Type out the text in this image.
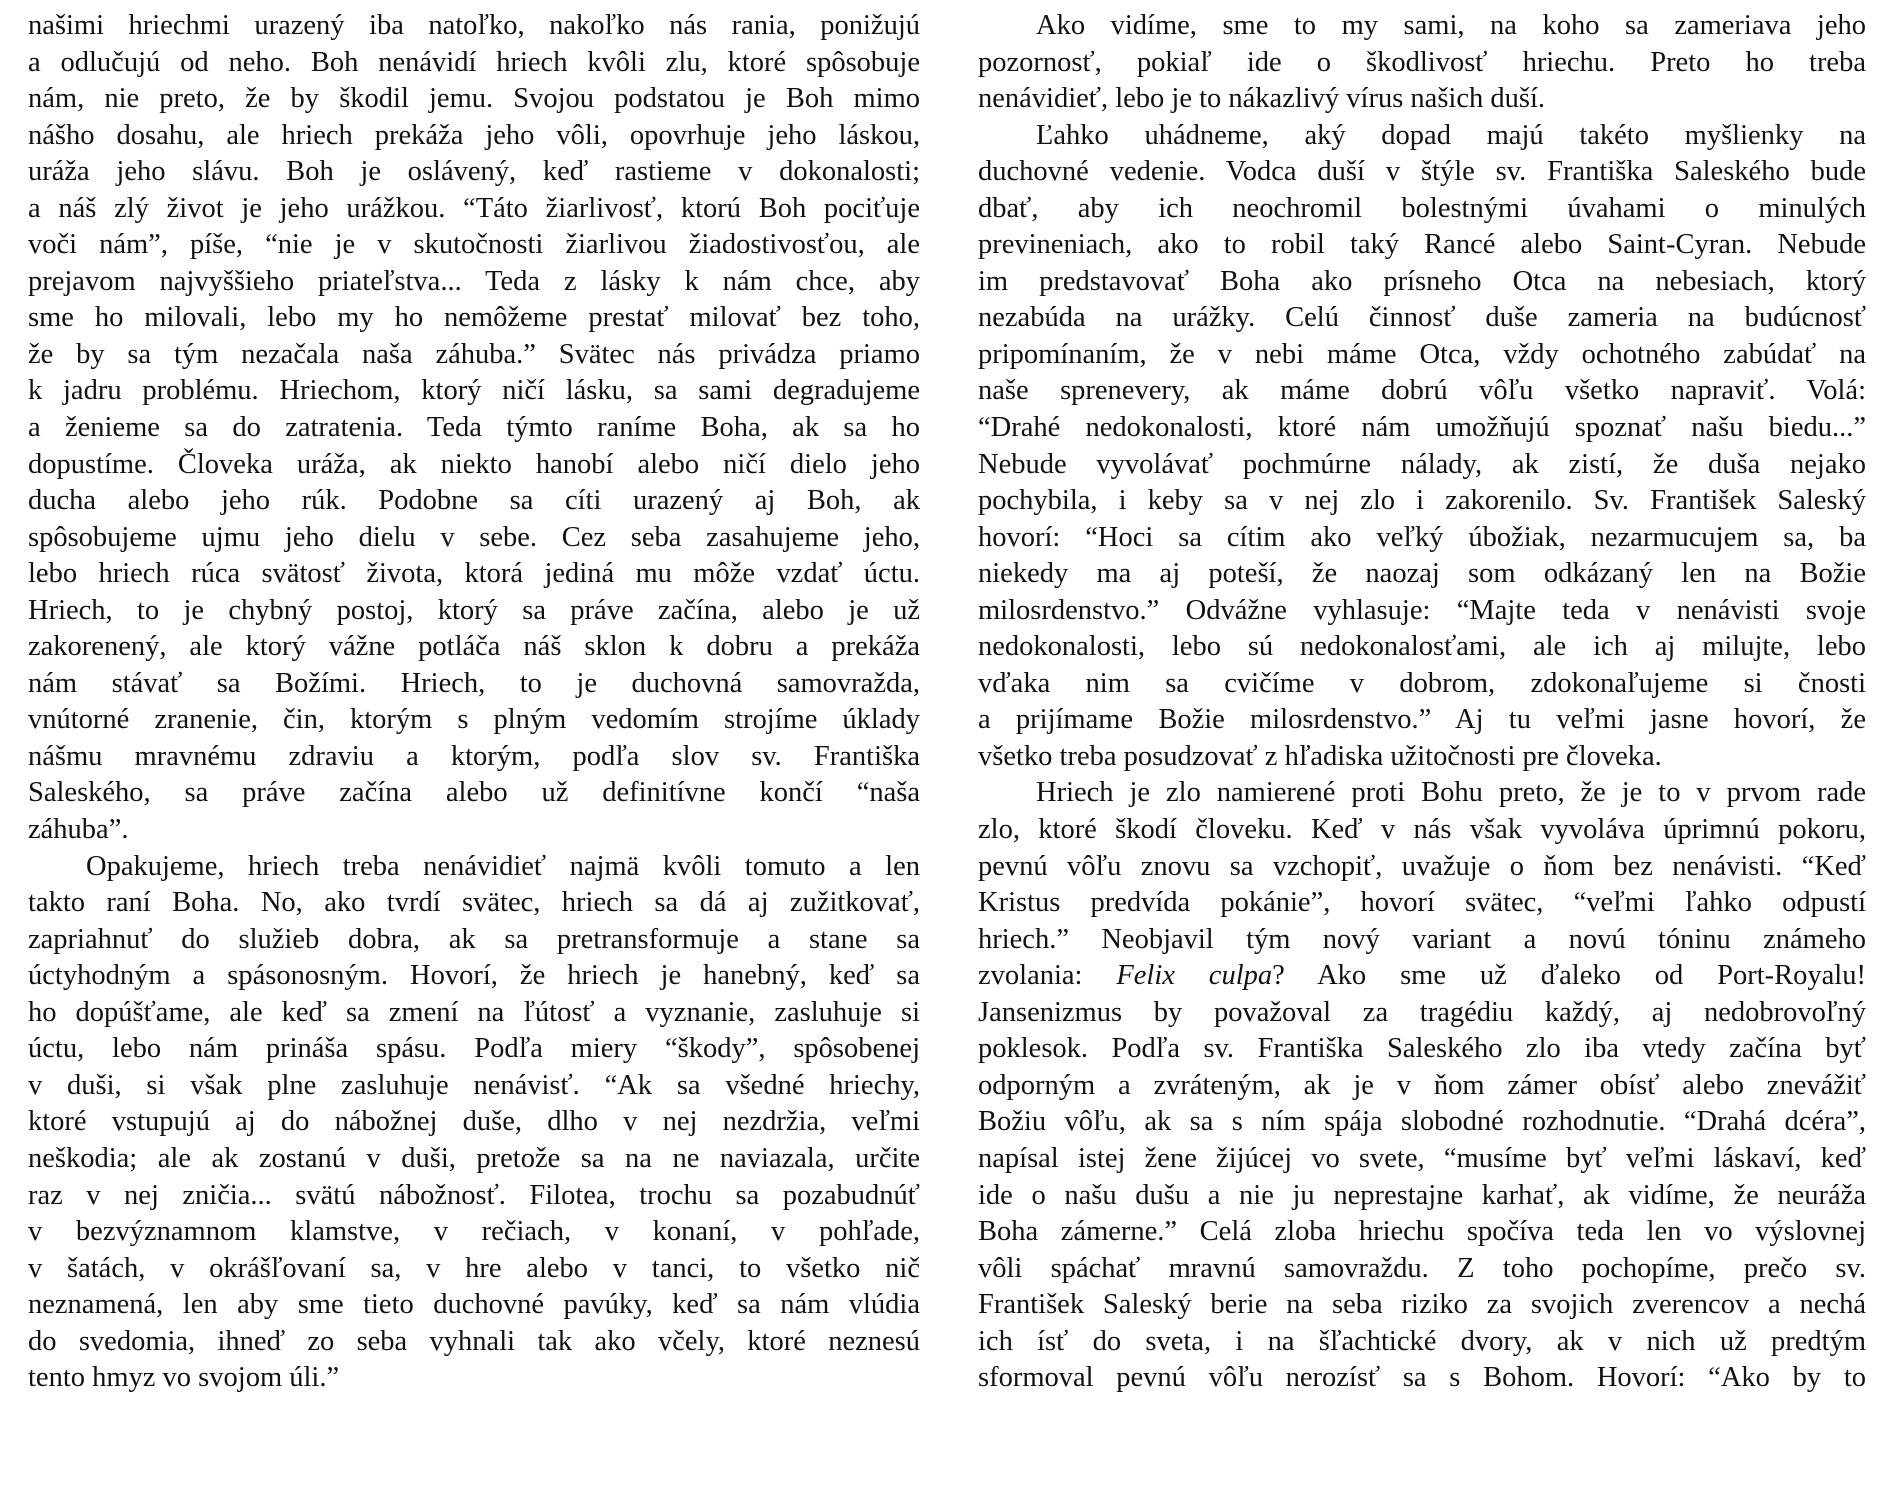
našimi hriechmi urazený iba natoľko, nakoľko nás rania, ponižujú
a odlučujú od neho. Boh nenávidí hriech kvôli zlu, ktoré spôsobuje
nám, nie preto, že by škodil jemu. Svojou podstatou je Boh mimo
nášho dosahu, ale hriech prekáža jeho vôli, opovrhuje jeho láskou,
uráža jeho slávu. Boh je oslávený, keď rastieme v dokonalosti;
a náš zlý život je jeho urážkou. “Táto žiarlivosť, ktorú Boh pociťuje
voči nám”, píše, “nie je v skutočnosti žiarlivou žiadostivosťou, ale
prejavom najvyššieho priateľstva... Teda z lásky k nám chce, aby
sme ho milovali, lebo my ho nemôžeme prestať milovať bez toho,
že by sa tým nezačala naša záhuba.” Svätec nás privádza priamo
k jadru problému. Hriechom, ktorý ničí lásku, sa sami degradujeme
a ženieme sa do zatratenia. Teda týmto raníme Boha, ak sa ho
dopustíme. Človeka uráža, ak niekto hanobí alebo ničí dielo jeho
ducha alebo jeho rúk. Podobne sa cíti urazený aj Boh, ak
spôsobujeme ujmu jeho dielu v sebe. Cez seba zasahujeme jeho,
lebo hriech rúca svätosť života, ktorá jediná mu môže vzdať úctu.
Hriech, to je chybný postoj, ktorý sa práve začína, alebo je už
zakorenený, ale ktorý vážne potláča náš sklon k dobru a prekáža
nám stávať sa Božími. Hriech, to je duchovná samovražda,
vnútorné zranenie, čin, ktorým s plným vedomím strojíme úklady
nášmu mravnému zdraviu a ktorým, podľa slov sv. Františka
Saleského, sa práve začína alebo už definitívne končí “naša
záhuba”.
Opakujeme, hriech treba nenávidieť najmä kvôli tomuto a len
takto raní Boha. No, ako tvrdí svätec, hriech sa dá aj zužitkovať,
zapriahnuť do služieb dobra, ak sa pretransformuje a stane sa
úctyhodným a spásonosným. Hovorí, že hriech je hanebný, keď sa
ho dopúšťame, ale keď sa zmení na ľútosť a vyznanie, zasluhuje si
úctu, lebo nám prináša spásu. Podľa miery “škody”, spôsobenej
v duši, si však plne zasluhuje nenávisť. “Ak sa všedné hriechy,
ktoré vstupujú aj do nábožnej duše, dlho v nej nezdržia, veľmi
neškodia; ale ak zostanú v duši, pretože sa na ne naviazala, určite
raz v nej zničia... svätú nábožnosť. Filotea, trochu sa pozabudnúť
v bezvýznamnom klamstve, v rečiach, v konaní, v pohľade,
v šatách, v okrášľovaní sa, v hre alebo v tanci, to všetko nič
neznamená, len aby sme tieto duchovné pavúky, keď sa nám vlúdia
do svedomia, ihneď zo seba vyhnali tak ako včely, ktoré neznesú
tento hmyz vo svojom úli.”
Ako vidíme, sme to my sami, na koho sa zameriava jeho
pozornosť, pokiaľ ide o škodlivosť hriechu. Preto ho treba
nenávidieť, lebo je to nákazlivý vírus našich duší.
Ľahko uhádneme, aký dopad majú takéto myšlienky na
duchovné vedenie. Vodca duší v štýle sv. Františka Saleského bude
dbať, aby ich neochromil bolestnými úvahami o minulých
previneniach, ako to robil taký Rancé alebo Saint-Cyran. Nebude
im predstavovať Boha ako prísneho Otca na nebesiach, ktorý
nezabúda na urážky. Celú činnosť duše zameria na budúcnosť
pripomínaním, že v nebi máme Otca, vždy ochotného zabúdať na
naše sprenevery, ak máme dobrú vôľu všetko napraviť. Volá:
“Drahé nedokonalosti, ktoré nám umožňujú spoznať našu biedu...”
Nebude vyvolávať pochmúrne nálady, ak zistí, že duša nejako
pochybila, i keby sa v nej zlo i zakorenilo. Sv. František Saleský
hovorí: “Hoci sa cítim ako veľký úbožiak, nezarmucujem sa, ba
niekedy ma aj poteší, že naozaj som odkázaný len na Božie
milosrdenstvo.” Odvážne vyhlasuje: “Majte teda v nenávisti svoje
nedokonalosti, lebo sú nedokonalosťami, ale ich aj milujte, lebo
vďaka nim sa cvičíme v dobrom, zdokonaľujeme si čnosti
a prijímame Božie milosrdenstvo.” Aj tu veľmi jasne hovorí, že
všetko treba posudzovať z hľadiska užitočnosti pre človeka.
Hriech je zlo namierené proti Bohu preto, že je to v prvom rade
zlo, ktoré škodí človeku. Keď v nás však vyvoláva úprimnú pokoru,
pevnú vôľu znovu sa vzchopiť, uvažuje o ňom bez nenávisti. “Keď
Kristus predvída pokánie”, hovorí svätec, “veľmi ľahko odpustí
hriech.” Neobjavil tým nový variant a novú tóninu známeho
zvolania: Felix culpa? Ako sme už ďaleko od Port-Royalu!
Jansenizmus by považoval za tragédiu každý, aj nedobrovoľný
poklesok. Podľa sv. Františka Saleského zlo iba vtedy začína byť
odporným a zvráteným, ak je v ňom zámer obísť alebo znevážiť
Božiu vôľu, ak sa s ním spája slobodné rozhodnutie. “Drahá dcéra”,
napísal istej žene žijúcej vo svete, “musíme byť veľmi láskaví, keď
ide o našu dušu a nie ju neprestajne karhať, ak vidíme, že neuráža
Boha zámerne.” Celá zloba hriechu spočíva teda len vo výslovnej
vôli spáchať mravnú samovraždu. Z toho pochopíme, prečo sv.
František Saleský berie na seba riziko za svojich zverencov a nechá
ich ísť do sveta, i na šľachtické dvory, ak v nich už predtým
sformoval pevnú vôľu nerozísť sa s Bohom. Hovorí: “Ako by to
